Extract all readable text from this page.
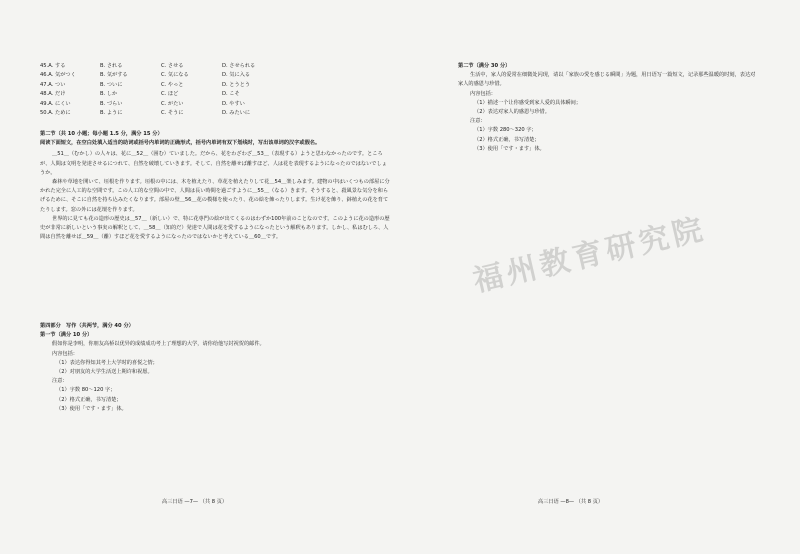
45.A. する	B. される	C. させる	D. させられる
46.A. 気がつく	B. 気がする	C. 気になる	D. 気に入る
47.A. つい	B. ついに	C. やっと	D. とうとう
48.A. だけ	B. しか	C. ほど	D. こそ
49.A. にくい	B. づらい	C. がたい	D. やすい
50.A. ために	B. ように	C. そうに	D. みたいに

第二节（共 10 小题；每小题 1.5 分，满分 15 分）

阅读下面短文，在空白处填入适当的助词或括号内单词的正确形式，括号内单词有双下划线时，写出该单词的汉字或假名。

＿51＿（むかし）の人々は、花に＿52＿（囲む）ていました。だから、花をわざわざ＿53＿（表現する）ようと思わなかったのです。ところが、人間は文明を発達させるにつれて、自然を破壊していきます。そして、自然を離せば離すほど、人は花を表現するようになったのではないでしょうか。

森林や草地を開いて、垣根を作ります。垣根の中には、木を植えたり、草花を植えたりして花＿54＿楽しみます。建物の中はいくつもの部屋に分かれた完全に人工的な空間です。この人工的な空間の中で、人間は長い時間を過ごすように＿55＿（なる）きます。そうすると、殺風景な気分を和らげるために、そこに自然を持ち込みたくなります。部屋の壁＿56＿花の模様を使ったり、花の絵を飾ったりします。生け花を飾り、鉢植えの花を育てたりします。窓の外には花壇を作ります。

世界的に見ても花の造形の歴史は＿57＿（新しい）で、特に花専門の絵が出てくるのはわずか100年前のことなのです。このように花の造形の歴史が非常に新しいという事実の解釈として、＿58＿（知的だ）発達で人間は花を愛するようになったという解釈もあります。しかし、私はむしろ、人間は自然を離せば＿59＿（離）すほど花を愛するようになったのではないかと考えている＿60＿です。

第四部分　写作（共两节，满分 40 分）

第一节（满分 10 分）

假如你是李明，你朋友高桥以优异的成绩成功考上了理想的大学，请你给他写封祝贺的邮件。

内容包括：

（1）表达你得知其考上大学时的喜悦之情；

（2）对朋友的大学生活送上期许和祝愿。

注意：

（1）字数 80～120 字；

（2）格式正确，书写清楚；

（3）使用「です・ます」体。

高三日语 —7— （共 8 页）

第二节（满分 30 分）

生活中，家人的爱常在细微处闪现，请以「家族の愛を感じる瞬間」为题，用日语写一篇短文，记录那些温暖的时刻，表达对家人的感恩与珍惜。

内容包括：

（1）描述一个让你感受到家人爱的具体瞬间；

（2）表达对家人的感恩与珍惜。

注意：

（1）字数 280～320 字；

（2）格式正确，书写清楚；

（3）使用「です・ます」体。

高三日语 —8— （共 8 页）
福州教育研究院
